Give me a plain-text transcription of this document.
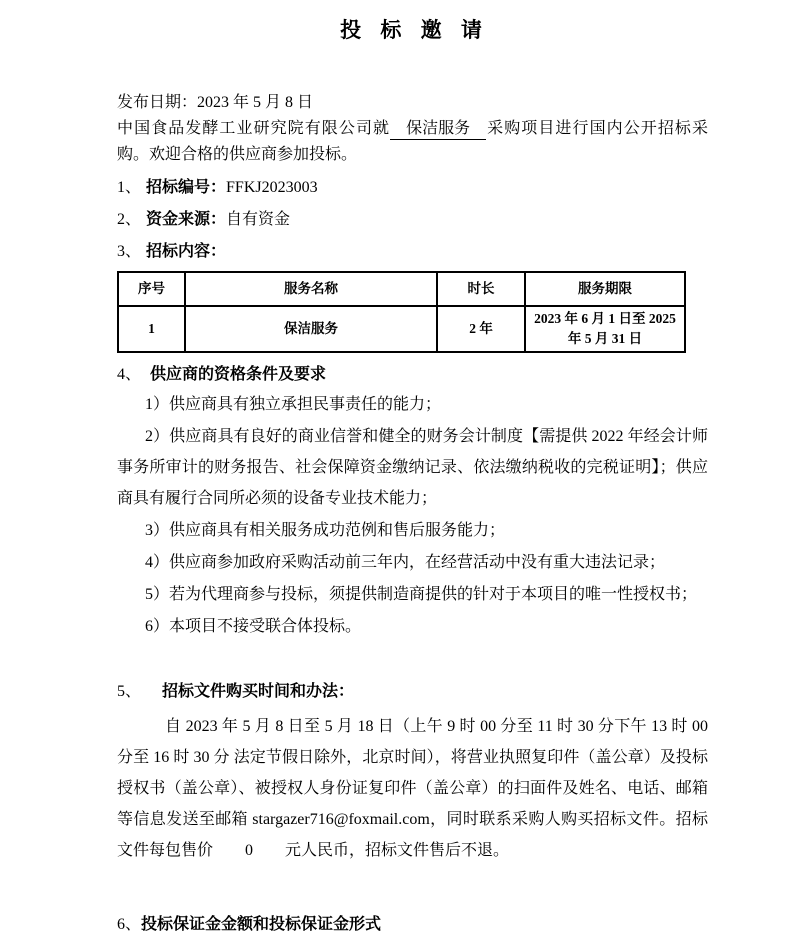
投 标 邀 请

发布日期：2023 年 5 月 8 日

中国食品发酵工业研究院有限公司就 保洁服务 采购项目进行国内公开招标采购。欢迎合格的供应商参加投标。

1、 招标编号：FFKJ2023003

2、 资金来源：自有资金

3、 招标内容：

序号	服务名称	时长	服务期限
1	保洁服务	2 年	2023 年 6 月 1 日至 2025 年 5 月 31 日

4、 供应商的资格条件及要求

1）供应商具有独立承担民事责任的能力；

2）供应商具有良好的商业信誉和健全的财务会计制度【需提供 2022 年经会计师事务所审计的财务报告、社会保障资金缴纳记录、依法缴纳税收的完税证明】；供应商具有履行合同所必须的设备专业技术能力；

3）供应商具有相关服务成功范例和售后服务能力；

4）供应商参加政府采购活动前三年内，在经营活动中没有重大违法记录；

5）若为代理商参与投标，须提供制造商提供的针对于本项目的唯一性授权书；

6）本项目不接受联合体投标。

5、 招标文件购买时间和办法：

自 2023 年 5 月 8 日至 5 月 18 日（上午 9 时 00 分至 11 时 30 分下午 13 时 00 分至 16 时 30 分 法定节假日除外，北京时间），将营业执照复印件（盖公章）及投标授权书（盖公章）、被授权人身份证复印件（盖公章）的扫面件及姓名、电话、邮箱等信息发送至邮箱 stargazer716@foxmail.com，同时联系采购人购买招标文件。招标文件每包售价　　0　　元人民币，招标文件售后不退。

6、投标保证金金额和投标保证金形式
